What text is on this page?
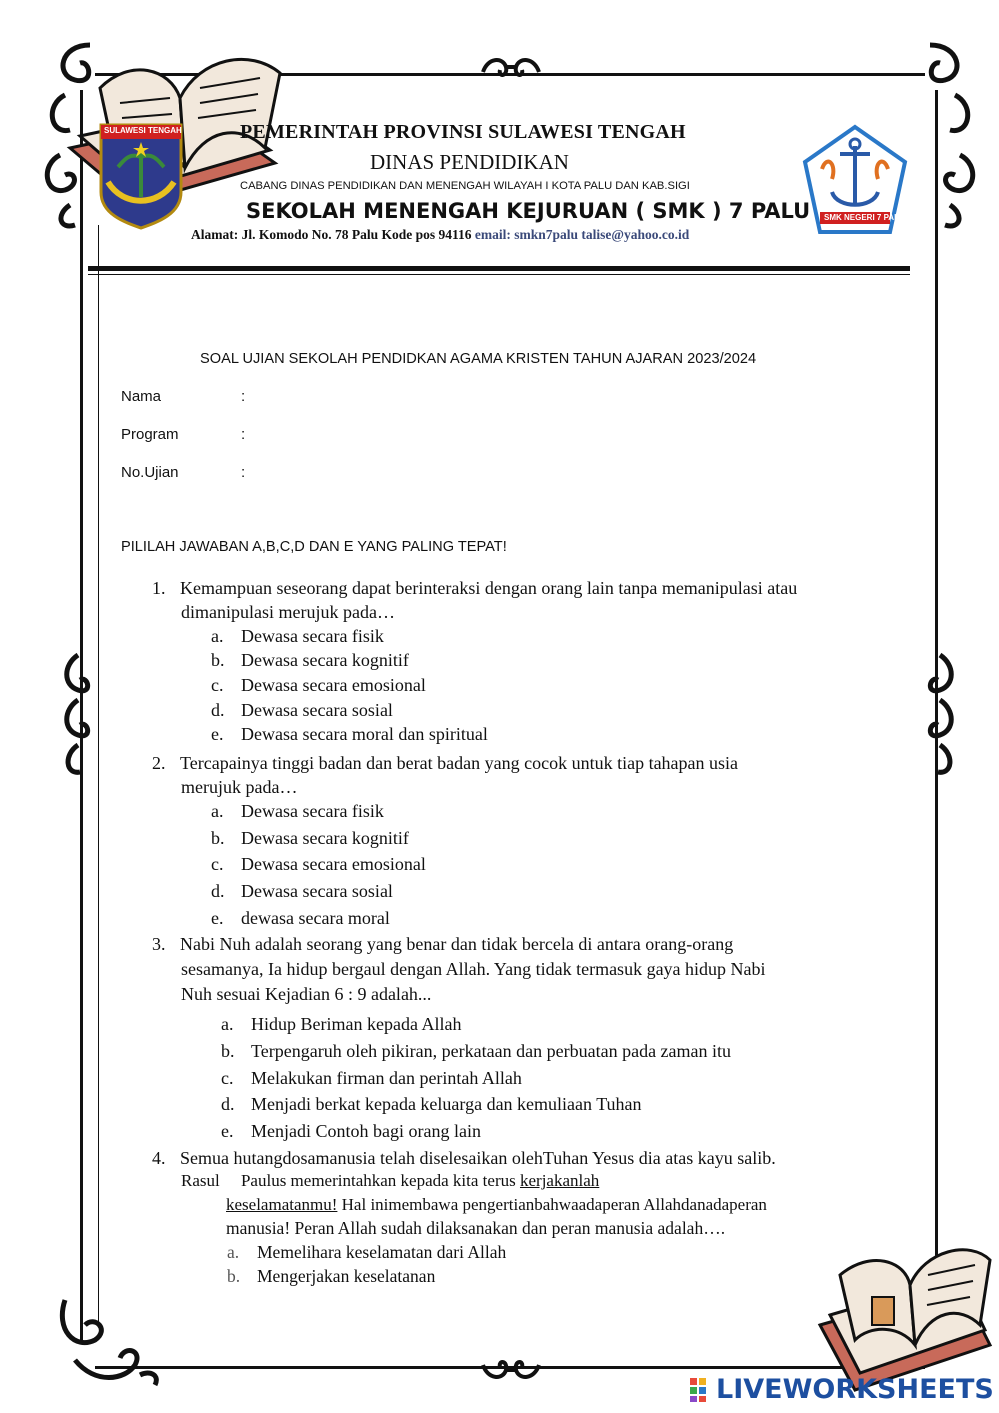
SULAWESI TENGAH
SMK NEGERI 7 PALU
PEMERINTAH PROVINSI SULAWESI TENGAH
DINAS PENDIDIKAN
CABANG DINAS PENDIDIKAN DAN MENENGAH WILAYAH I KOTA PALU DAN KAB.SIGI
SEKOLAH MENENGAH KEJURUAN ( SMK ) 7 PALU
Alamat: Jl. Komodo No. 78 Palu Kode pos 94116 email: smkn7palu talise@yahoo.co.id
SOAL UJIAN SEKOLAH PENDIDKAN AGAMA KRISTEN TAHUN AJARAN 2023/2024
Nama	:
Program	:
No.Ujian	:
PILILAH JAWABAN A,B,C,D DAN E YANG PALING TEPAT!
1. Kemampuan seseorang dapat berinteraksi dengan orang lain tanpa memanipulasi atau
dimanipulasi merujuk pada…
a. Dewasa secara fisik
b. Dewasa secara kognitif
c. Dewasa secara emosional
d. Dewasa secara sosial
e. Dewasa secara moral dan spiritual
2. Tercapainya tinggi badan dan berat badan yang cocok untuk tiap tahapan usia
merujuk pada…
a. Dewasa secara fisik
b. Dewasa secara kognitif
c. Dewasa secara emosional
d. Dewasa secara sosial
e. dewasa secara moral
3. Nabi Nuh adalah seorang yang benar dan tidak bercela di antara orang-orang
sesamanya, Ia hidup bergaul dengan Allah. Yang tidak termasuk gaya hidup Nabi
Nuh sesuai Kejadian 6 : 9 adalah...
a. Hidup Beriman kepada Allah
b. Terpengaruh oleh pikiran, perkataan dan perbuatan pada zaman itu
c. Melakukan firman dan perintah Allah
d. Menjadi berkat kepada keluarga dan kemuliaan Tuhan
e. Menjadi Contoh bagi orang lain
4. Semua hutangdosamanusia telah diselesaikan olehTuhan Yesus dia atas kayu salib.
Rasul     Paulus memerintahkan kepada kita terus kerjakanlah
keselamatanmu! Hal inimembawa pengertianbahwaadaperan Allahdanadaperan
manusia! Peran Allah sudah dilaksanakan dan peran manusia adalah….
a. Memelihara keselamatan dari Allah
b. Mengerjakan keselatanan
LIVEWORKSHEETS
